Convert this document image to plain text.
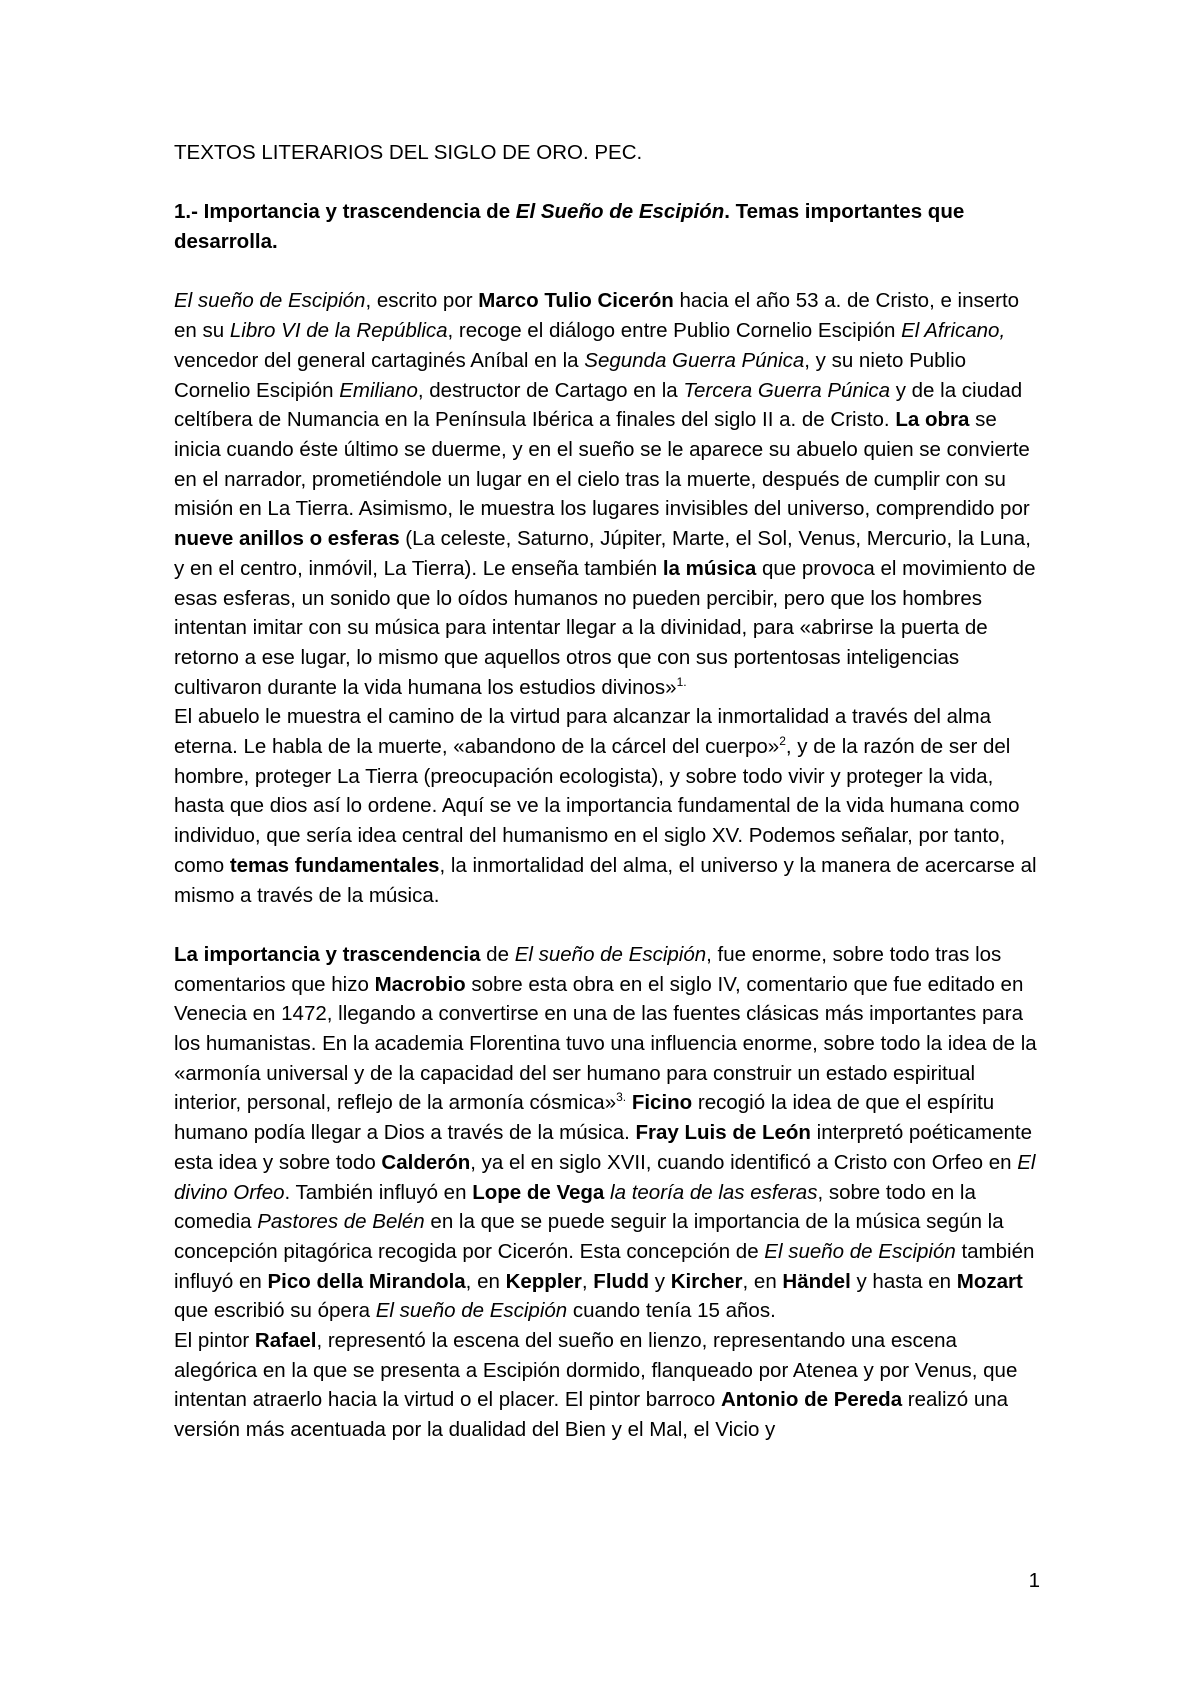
TEXTOS LITERARIOS DEL SIGLO DE ORO. PEC.

1.- Importancia y trascendencia de El Sueño de Escipión. Temas importantes que desarrolla.

El sueño de Escipión, escrito por Marco Tulio Cicerón hacia el año 53 a. de Cristo, e inserto en su Libro VI de la República, recoge el diálogo entre Publio Cornelio Escipión El Africano, vencedor del general cartaginés Aníbal en la Segunda Guerra Púnica, y su nieto Publio Cornelio Escipión Emiliano, destructor de Cartago en la Tercera Guerra Púnica y de la ciudad celtíbera de Numancia en la Península Ibérica a finales del siglo II a. de Cristo. La obra se inicia cuando éste último se duerme, y en el sueño se le aparece su abuelo quien se convierte en el narrador, prometiéndole un lugar en el cielo tras la muerte, después de cumplir con su misión en La Tierra. Asimismo, le muestra los lugares invisibles del universo, comprendido por nueve anillos o esferas (La celeste, Saturno, Júpiter, Marte, el Sol, Venus, Mercurio, la Luna, y en el centro, inmóvil, La Tierra). Le enseña también la música que provoca el movimiento de esas esferas, un sonido que lo oídos humanos no pueden percibir, pero que los hombres intentan imitar con su música para intentar llegar a la divinidad, para «abrirse la puerta de retorno a ese lugar, lo mismo que aquellos otros que con sus portentosas inteligencias cultivaron durante la vida humana los estudios divinos»$^{1.}$

El abuelo le muestra el camino de la virtud para alcanzar la inmortalidad a través del alma eterna. Le habla de la muerte, «abandono de la cárcel del cuerpo»$^2$, y de la razón de ser del hombre, proteger La Tierra (preocupación ecologista), y sobre todo vivir y proteger la vida, hasta que dios así lo ordene. Aquí se ve la importancia fundamental de la vida humana como individuo, que sería idea central del humanismo en el siglo XV. Podemos señalar, por tanto, como temas fundamentales, la inmortalidad del alma, el universo y la manera de acercarse al mismo a través de la música.

La importancia y trascendencia de El sueño de Escipión, fue enorme, sobre todo tras los comentarios que hizo Macrobio sobre esta obra en el siglo IV, comentario que fue editado en Venecia en 1472, llegando a convertirse en una de las fuentes clásicas más importantes para los humanistas. En la academia Florentina tuvo una influencia enorme, sobre todo la idea de la «armonía universal y de la capacidad del ser humano para construir un estado espiritual interior, personal, reflejo de la armonía cósmica»$^{3.}$ Ficino recogió la idea de que el espíritu humano podía llegar a Dios a través de la música. Fray Luis de León interpretó poéticamente esta idea y sobre todo Calderón, ya el en siglo XVII, cuando identificó a Cristo con Orfeo en El divino Orfeo. También influyó en Lope de Vega la teoría de las esferas, sobre todo en la comedia Pastores de Belén en la que se puede seguir la importancia de la música según la concepción pitagórica recogida por Cicerón. Esta concepción de El sueño de Escipión también influyó en Pico della Mirandola, en Keppler, Fludd y Kircher, en Händel y hasta en Mozart que escribió su ópera El sueño de Escipión cuando tenía 15 años.

El pintor Rafael, representó la escena del sueño en lienzo, representando una escena alegórica en la que se presenta a Escipión dormido, flanqueado por Atenea y por Venus, que intentan atraerlo hacia la virtud o el placer. El pintor barroco Antonio de Pereda realizó una versión más acentuada por la dualidad del Bien y el Mal, el Vicio y

1
